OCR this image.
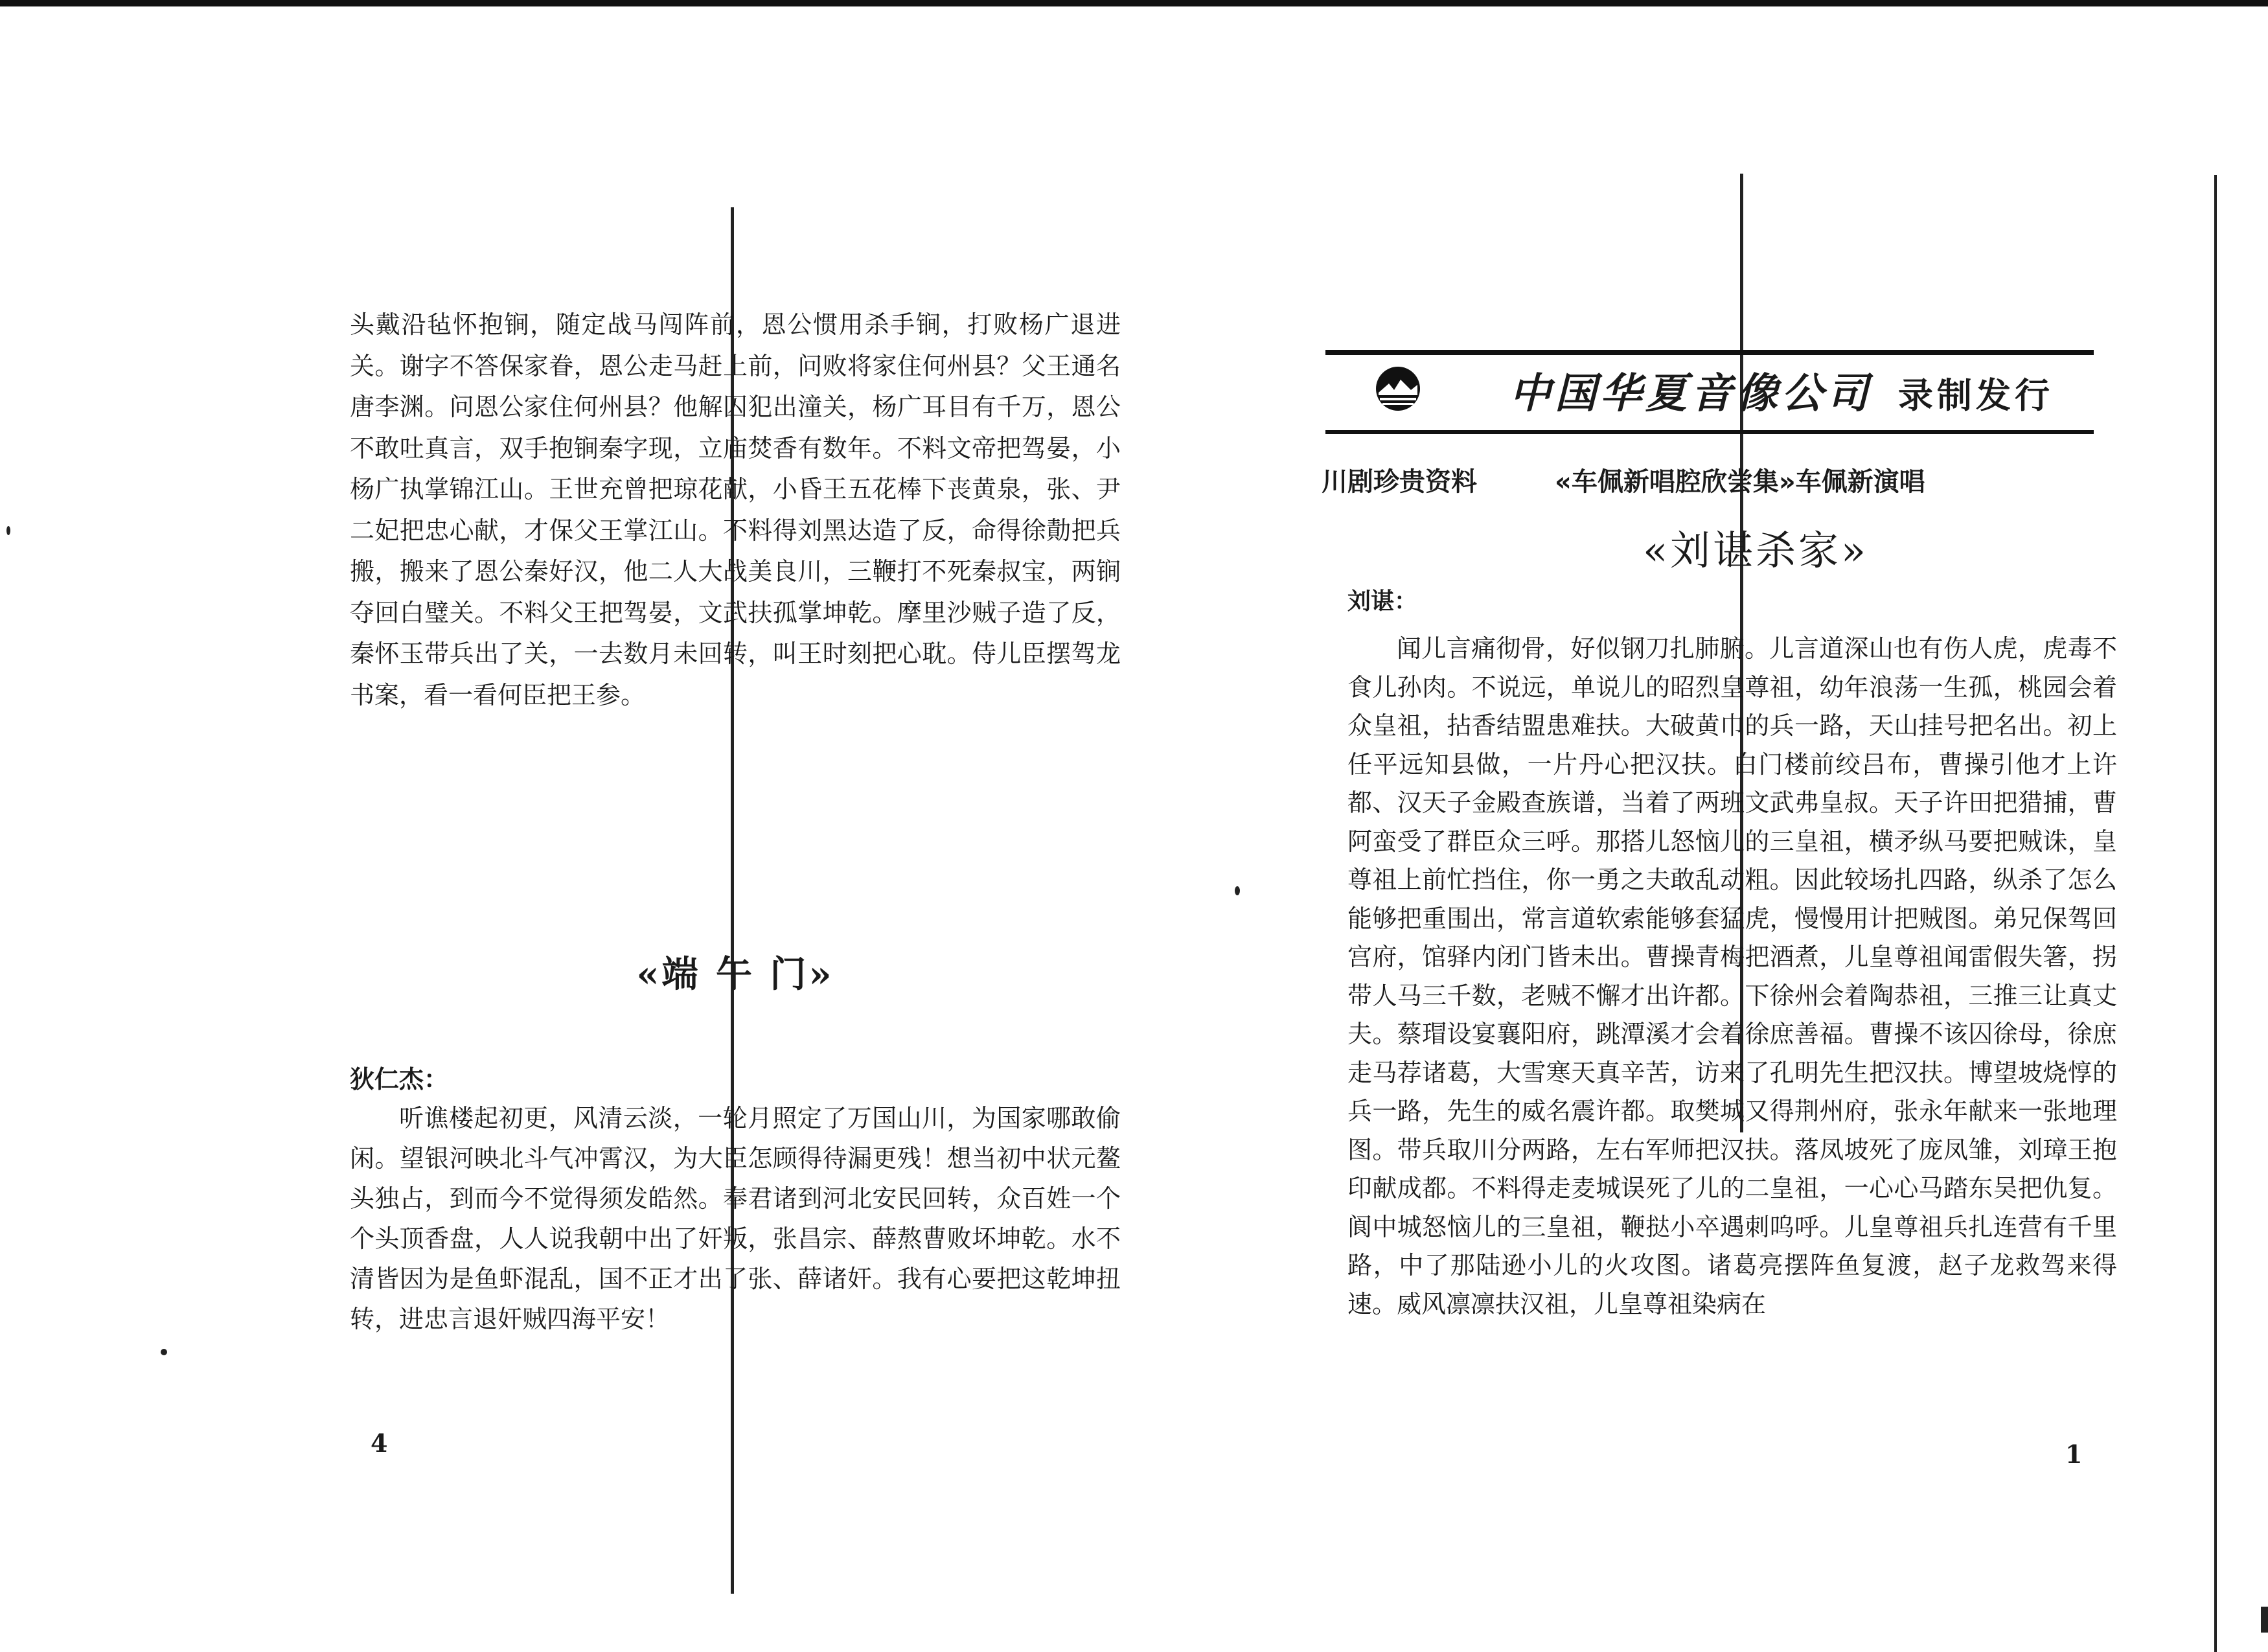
头戴沿毡怀抱锏，随定战马闯阵前，恩公惯用杀手锏，打败杨广退进关。谢字不答保家眷，恩公走马赶上前，问败将家住何州县？父王通名唐李渊。问恩公家住何州县？他解囚犯出潼关，杨广耳目有千万，恩公不敢吐真言，双手抱锏秦字现，立庙焚香有数年。不料文帝把驾晏，小杨广执掌锦江山。王世充曾把琼花献，小昏王五花棒下丧黄泉，张、尹二妃把忠心献，才保父王掌江山。不料得刘黑达造了反，命得徐勣把兵搬，搬来了恩公秦好汉，他二人大战美良川，三鞭打不死秦叔宝，两锏夺回白璧关。不料父王把驾晏，文武扶孤掌坤乾。摩里沙贼子造了反，秦怀玉带兵出了关，一去数月未回转，叫王时刻把心耽。侍儿臣摆驾龙书案，看一看何臣把王参。

«端 午 门»

狄仁杰：

听谯楼起初更，风清云淡，一轮月照定了万国山川，为国家哪敢偷闲。望银河映北斗气冲霄汉，为大臣怎顾得待漏更残！想当初中状元鳌头独占，到而今不觉得须发皓然。奉君诸到河北安民回转，众百姓一个个头顶香盘，人人说我朝中出了奸叛，张昌宗、薛熬曹败坏坤乾。水不清皆因为是鱼虾混乱，国不正才出了张、薛诸奸。我有心要把这乾坤扭转，进忠言退奸贼四海平安！

4
中国华夏音像公司 录制发行
川剧珍贵资料	«车佩新唱腔欣尝集»车佩新演唱
«刘谌杀家»

刘谌：

闻儿言痛彻骨，好似钢刀扎肺腑。儿言道深山也有伤人虎，虎毒不食儿孙肉。不说远，单说儿的昭烈皇尊祖，幼年浪荡一生孤，桃园会着众皇祖，拈香结盟患难扶。大破黄巾的兵一路，天山挂号把名出。初上任平远知县做，一片丹心把汉扶。白门楼前绞吕布，曹操引他才上许都、汉天子金殿查族谱，当着了两班文武弗皇叔。天子许田把猎捕，曹阿蛮受了群臣众三呼。那搭儿怒恼儿的三皇祖，横矛纵马要把贼诛，皇尊祖上前忙挡住，你一勇之夫敢乱动粗。因此较场扎四路，纵杀了怎么能够把重围出，常言道软索能够套猛虎，慢慢用计把贼图。弟兄保驾回宫府，馆驿内闭门皆未出。曹操青梅把酒煮，儿皇尊祖闻雷假失箸，拐带人马三千数，老贼不懈才出许都。下徐州会着陶恭祖，三推三让真丈夫。蔡瑁设宴襄阳府，跳潭溪才会着徐庶善福。曹操不该囚徐母，徐庶走马荐诸葛，大雪寒天真辛苦，访来了孔明先生把汉扶。博望坡烧惇的兵一路，先生的威名震许都。取樊城又得荆州府，张永年献来一张地理图。带兵取川分两路，左右军师把汉扶。落凤坡死了庞凤雏，刘璋王抱印献成都。不料得走麦城误死了儿的二皇祖，一心心马踏东吴把仇复。阆中城怒恼儿的三皇祖，鞭挞小卒遇刺呜呼。儿皇尊祖兵扎连营有千里路，中了那陆逊小儿的火攻图。诸葛亮摆阵鱼复渡，赵子龙救驾来得速。威风凛凛扶汉祖，儿皇尊祖染病在

1
